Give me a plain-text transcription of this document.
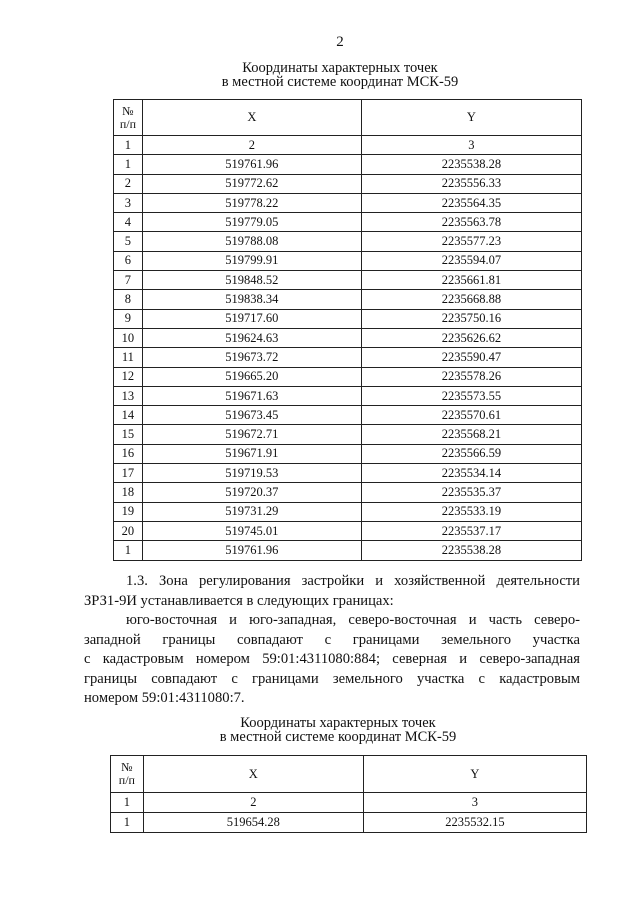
2
Координаты характерных точек
в местной системе координат МСК-59
№
п/п	X	Y
1	2	3
1	519761.96	2235538.28
2	519772.62	2235556.33
3	519778.22	2235564.35
4	519779.05	2235563.78
5	519788.08	2235577.23
6	519799.91	2235594.07
7	519848.52	2235661.81
8	519838.34	2235668.88
9	519717.60	2235750.16
10	519624.63	2235626.62
11	519673.72	2235590.47
12	519665.20	2235578.26
13	519671.63	2235573.55
14	519673.45	2235570.61
15	519672.71	2235568.21
16	519671.91	2235566.59
17	519719.53	2235534.14
18	519720.37	2235535.37
19	519731.29	2235533.19
20	519745.01	2235537.17
1	519761.96	2235538.28
1.3. Зона регулирования застройки и хозяйственной деятельности
ЗРЗ1-9И устанавливается в следующих границах:
юго-восточная и юго-западная, северо-восточная и часть северо-
западной границы совпадают с границами земельного участка
с кадастровым номером 59:01:4311080:884; северная и северо-западная
границы совпадают с границами земельного участка с кадастровым
номером 59:01:4311080:7.
Координаты характерных точек
в местной системе координат МСК-59
№
п/п	X	Y
1	2	3
1	519654.28	2235532.15
